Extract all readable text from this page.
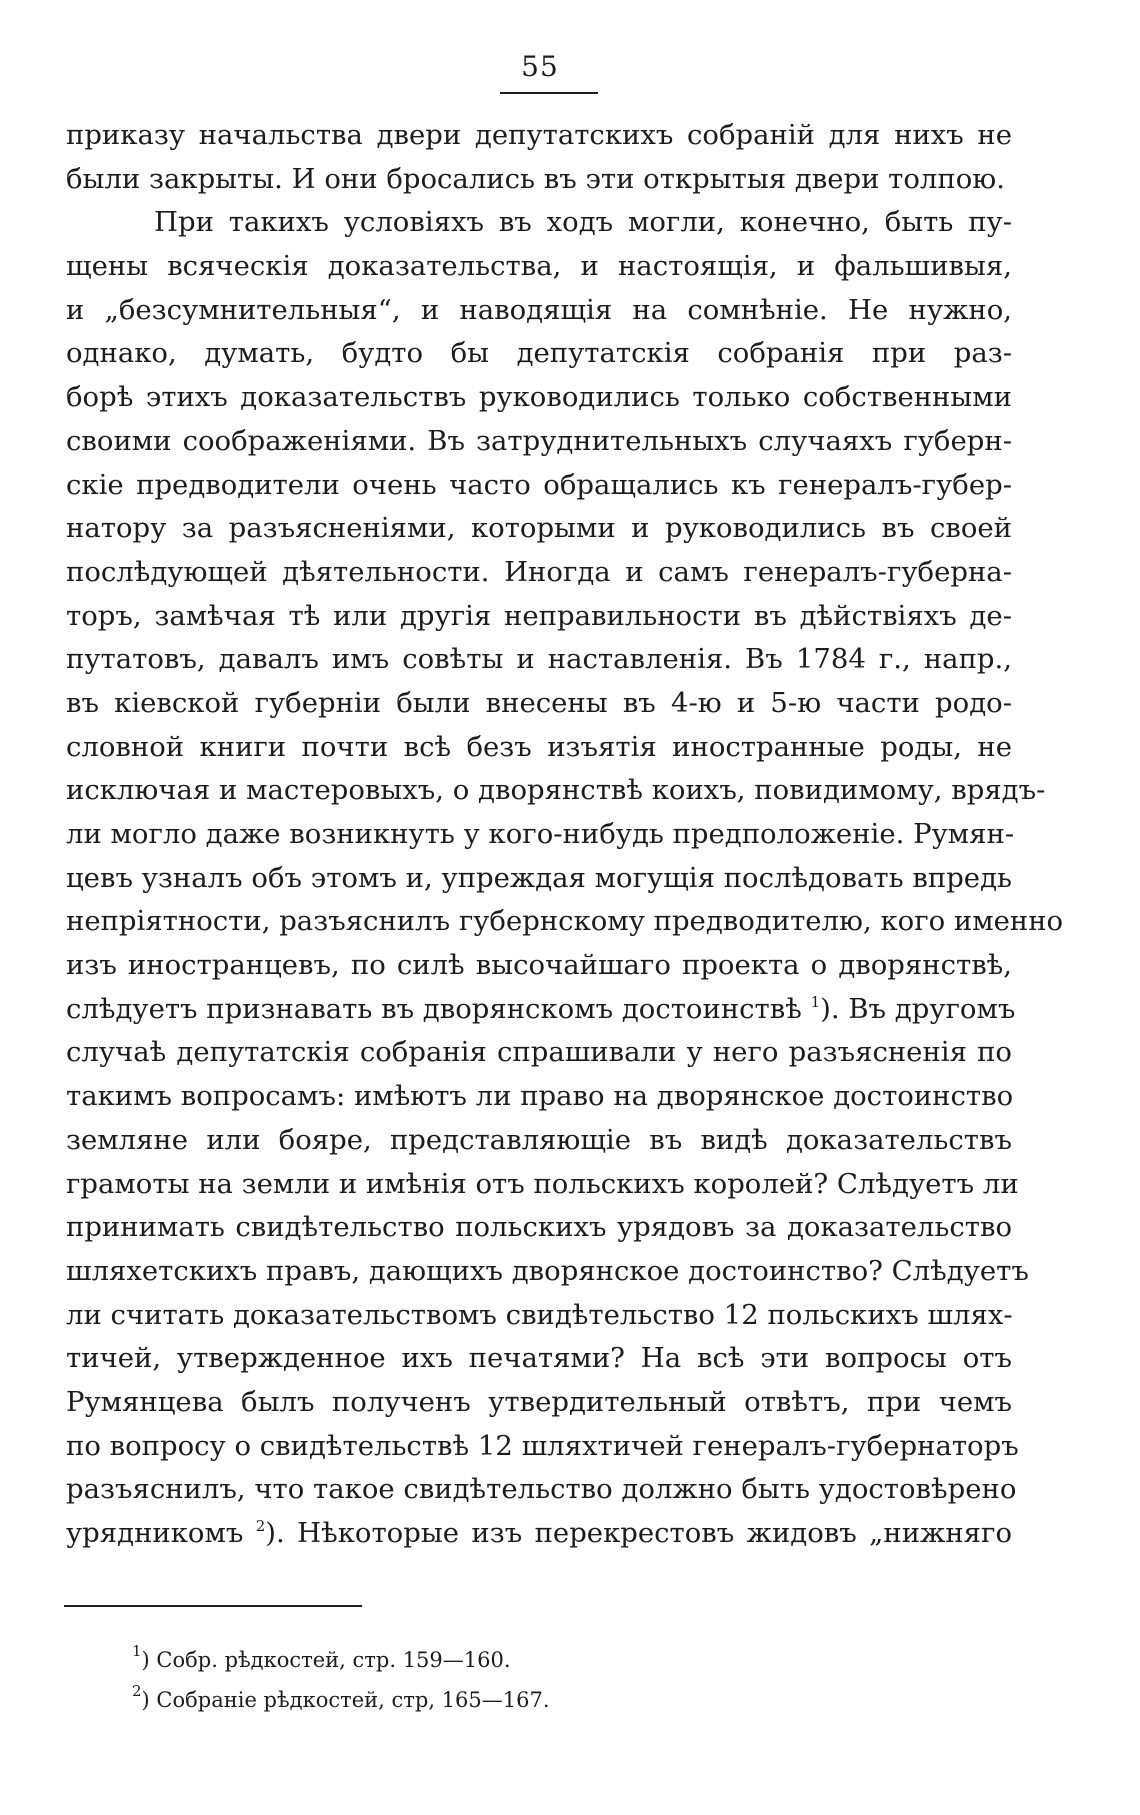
55
приказу начальства двери депутатскихъ собраній для нихъ не
были закрыты. И они бросались въ эти открытыя двери толпою.
При такихъ условіяхъ въ ходъ могли, конечно, быть пу-
щены всяческія доказательства, и настоящія, и фальшивыя,
и „безсумнительныя“, и наводящія на сомнѣніе. Не нужно,
однако, думать, будто бы депутатскія собранія при раз-
борѣ этихъ доказательствъ руководились только собственными
своими соображеніями. Въ затруднительныхъ случаяхъ губерн-
скіе предводители очень часто обращались къ генералъ-губер-
натору за разъясненіями, которыми и руководились въ своей
послѣдующей дѣятельности. Иногда и самъ генералъ-губерна-
торъ, замѣчая тѣ или другія неправильности въ дѣйствіяхъ де-
путатовъ, давалъ имъ совѣты и наставленія. Въ 1784 г., напр.,
въ кіевской губерніи были внесены въ 4-ю и 5-ю части родо-
словной книги почти всѣ безъ изъятія иностранные роды, не
исключая и мастеровыхъ, о дворянствѣ коихъ, повидимому, врядъ-
ли могло даже возникнуть у кого-нибудь предположеніе. Румян-
цевъ узналъ объ этомъ и, упреждая могущія послѣдовать впредь
непріятности, разъяснилъ губернскому предводителю, кого именно
изъ иностранцевъ, по силѣ высочайшаго проекта о дворянствѣ,
слѣдуетъ признавать въ дворянскомъ достоинствѣ $^1$). Въ другомъ
случаѣ депутатскія собранія спрашивали у него разъясненія по
такимъ вопросамъ: имѣютъ ли право на дворянское достоинство
земляне или бояре, представляющіе въ видѣ доказательствъ
грамоты на земли и имѣнія отъ польскихъ королей? Слѣдуетъ ли
принимать свидѣтельство польскихъ урядовъ за доказательство
шляхетскихъ правъ, дающихъ дворянское достоинство? Слѣдуетъ
ли считать доказательствомъ свидѣтельство 12 польскихъ шлях-
тичей, утвержденное ихъ печатями? На всѣ эти вопросы отъ
Румянцева былъ полученъ утвердительный отвѣтъ, при чемъ
по вопросу о свидѣтельствѣ 12 шляхтичей генералъ-губернаторъ
разъяснилъ, что такое свидѣтельство должно быть удостовѣрено
урядникомъ $^2$). Нѣкоторые изъ перекрестовъ жидовъ „нижняго
$^1$) Собр. рѣдкостей, стр. 159—160.
$^2$) Собраніе рѣдкостей, стр, 165—167.
